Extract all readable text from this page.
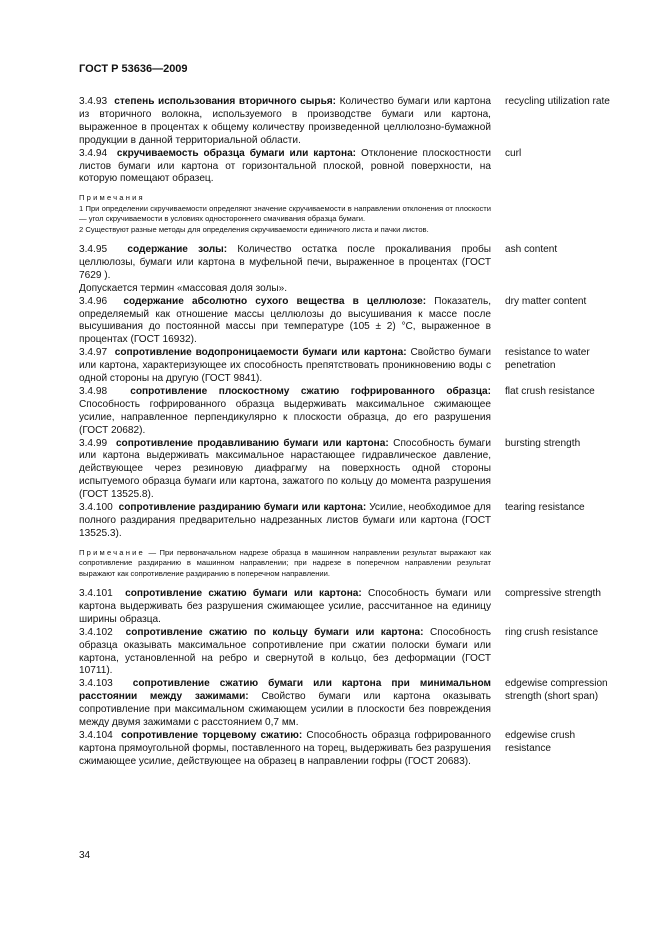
ГОСТ Р 53636—2009
3.4.93 степень использования вторичного сырья: Количество бумаги или картона из вторичного волокна, используемого в производстве бумаги или картона, выраженное в процентах к общему количеству произведенной целлюлозно-бумажной продукции в данной территориальной области.
recycling utilization rate
3.4.94 скручиваемость образца бумаги или картона: Отклонение плоскостности листов бумаги или картона от горизонтальной плоской, ровной поверхности, на которую помещают образец.
curl
Примечания
1 При определении скручиваемости определяют значение скручиваемости в направлении отклонения от плоскости — угол скручиваемости в условиях одностороннего смачивания образца бумаги.
2 Существуют разные методы для определения скручиваемости единичного листа и пачки листов.
3.4.95 содержание золы: Количество остатка после прокаливания пробы целлюлозы, бумаги или картона в муфельной печи, выраженное в процентах (ГОСТ 7629 ).
Допускается термин «массовая доля золы».
ash content
3.4.96 содержание абсолютно сухого вещества в целлюлозе: Показатель, определяемый как отношение массы целлюлозы до высушивания к массе после высушивания до постоянной массы при температуре (105 ± 2) °С, выраженное в процентах (ГОСТ 16932).
dry matter content
3.4.97 сопротивление водопроницаемости бумаги или картона: Свойство бумаги или картона, характеризующее их способность препятствовать проникновению воды с одной стороны на другую (ГОСТ 9841).
resistance to water penetration
3.4.98 сопротивление плоскостному сжатию гофрированного образца: Способность гофрированного образца выдерживать максимальное сжимающее усилие, направленное перпендикулярно к плоскости образца, до его разрушения (ГОСТ 20682).
flat crush resistance
3.4.99 сопротивление продавливанию бумаги или картона: Способность бумаги или картона выдерживать максимальное нарастающее гидравлическое давление, действующее через резиновую диафрагму на поверхность одной стороны испытуемого образца бумаги или картона, зажатого по кольцу до момента разрушения (ГОСТ 13525.8).
bursting strength
3.4.100 сопротивление раздиранию бумаги или картона: Усилие, необходимое для полного раздирания предварительно надрезанных листов бумаги или картона (ГОСТ 13525.3).
tearing resistance
Примечание — При первоначальном надрезе образца в машинном направлении результат выражают как сопротивление раздиранию в машинном направлении; при надрезе в поперечном направлении результат выражают как сопротивление раздиранию в поперечном направлении.
3.4.101 сопротивление сжатию бумаги или картона: Способность бумаги или картона выдерживать без разрушения сжимающее усилие, рассчитанное на единицу ширины образца.
compressive strength
3.4.102 сопротивление сжатию по кольцу бумаги или картона: Способность образца оказывать максимальное сопротивление при сжатии полоски бумаги или картона, установленной на ребро и свернутой в кольцо, без деформации (ГОСТ 10711).
ring crush resistance
3.4.103 сопротивление сжатию бумаги или картона при минимальном расстоянии между зажимами: Свойство бумаги или картона оказывать сопротивление при максимальном сжимающем усилии в плоскости без повреждения между двумя зажимами с расстоянием 0,7 мм.
edgewise compression strength (short span)
3.4.104 сопротивление торцевому сжатию: Способность образца гофрированного картона прямоугольной формы, поставленного на торец, выдерживать без разрушения сжимающее усилие, действующее на образец в направлении гофры (ГОСТ 20683).
edgewise crush resistance
34
